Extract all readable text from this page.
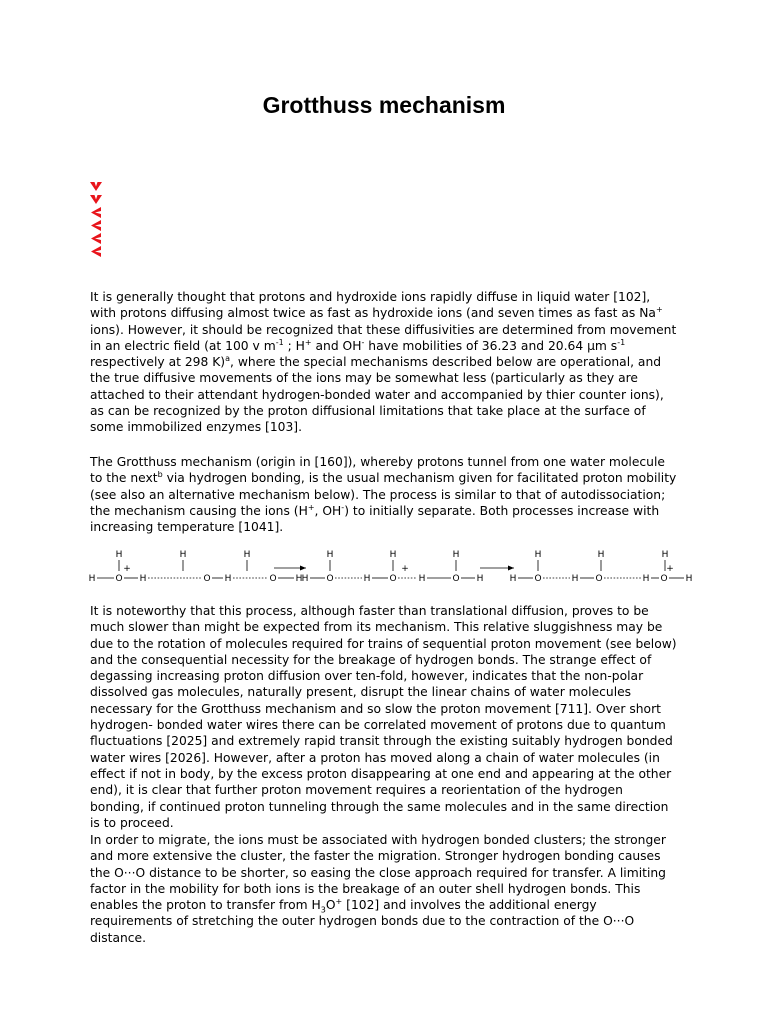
Grotthuss mechanism

It is generally thought that protons and hydroxide ions rapidly diffuse in liquid water [102], with protons diffusing almost twice as fast as hydroxide ions (and seven times as fast as Na+ ions). However, it should be recognized that these diffusivities are determined from movement in an electric field (at 100 v $m^{-1}$ ; H+ and OH- have mobilities of 36.23 and 20.64 µm $s^{-1}$ respectively at 298 K)$^a$, where the special mechanisms described below are operational, and the true diffusive movements of the ions may be somewhat less (particularly as they are attached to their attendant hydrogen-bonded water and accompanied by thier counter ions), as can be recognized by the proton diffusional limitations that take place at the surface of some immobilized enzymes [103].

The Grotthuss mechanism (origin in [160]), whereby protons tunnel from one water molecule to the next$^b$ via hydrogen bonding, is the usual mechanism given for facilitated proton mobility (see also an alternative mechanism below). The process is similar to that of autodissociation; the mechanism causing the ions (H+, OH-) to initially separate. Both processes increase with increasing temperature [1041].

H O H	O H	O H
H	H	H
+
H O	H O H	O H
H	H	H
+
H O	H O	H O H
H	H	H
+

It is noteworthy that this process, although faster than translational diffusion, proves to be much slower than might be expected from its mechanism. This relative sluggishness may be due to the rotation of molecules required for trains of sequential proton movement (see below) and the consequential necessity for the breakage of hydrogen bonds. The strange effect of degassing increasing proton diffusion over ten-fold, however, indicates that the non-polar dissolved gas molecules, naturally present, disrupt the linear chains of water molecules necessary for the Grotthuss mechanism and so slow the proton movement [711]. Over short hydrogen- bonded water wires there can be correlated movement of protons due to quantum fluctuations [2025] and extremely rapid transit through the existing suitably hydrogen bonded water wires [2026]. However, after a proton has moved along a chain of water molecules (in effect if not in body, by the excess proton disappearing at one end and appearing at the other end), it is clear that further proton movement requires a reorientation of the hydrogen bonding, if continued proton tunneling through the same molecules and in the same direction is to proceed.

In order to migrate, the ions must be associated with hydrogen bonded clusters; the stronger and more extensive the cluster, the faster the migration. Stronger hydrogen bonding causes the O···O distance to be shorter, so easing the close approach required for transfer. A limiting factor in the mobility for both ions is the breakage of an outer shell hydrogen bonds. This enables the proton to transfer from $H_3O^+$ [102] and involves the additional energy requirements of stretching the outer hydrogen bonds due to the contraction of the O···O distance.
